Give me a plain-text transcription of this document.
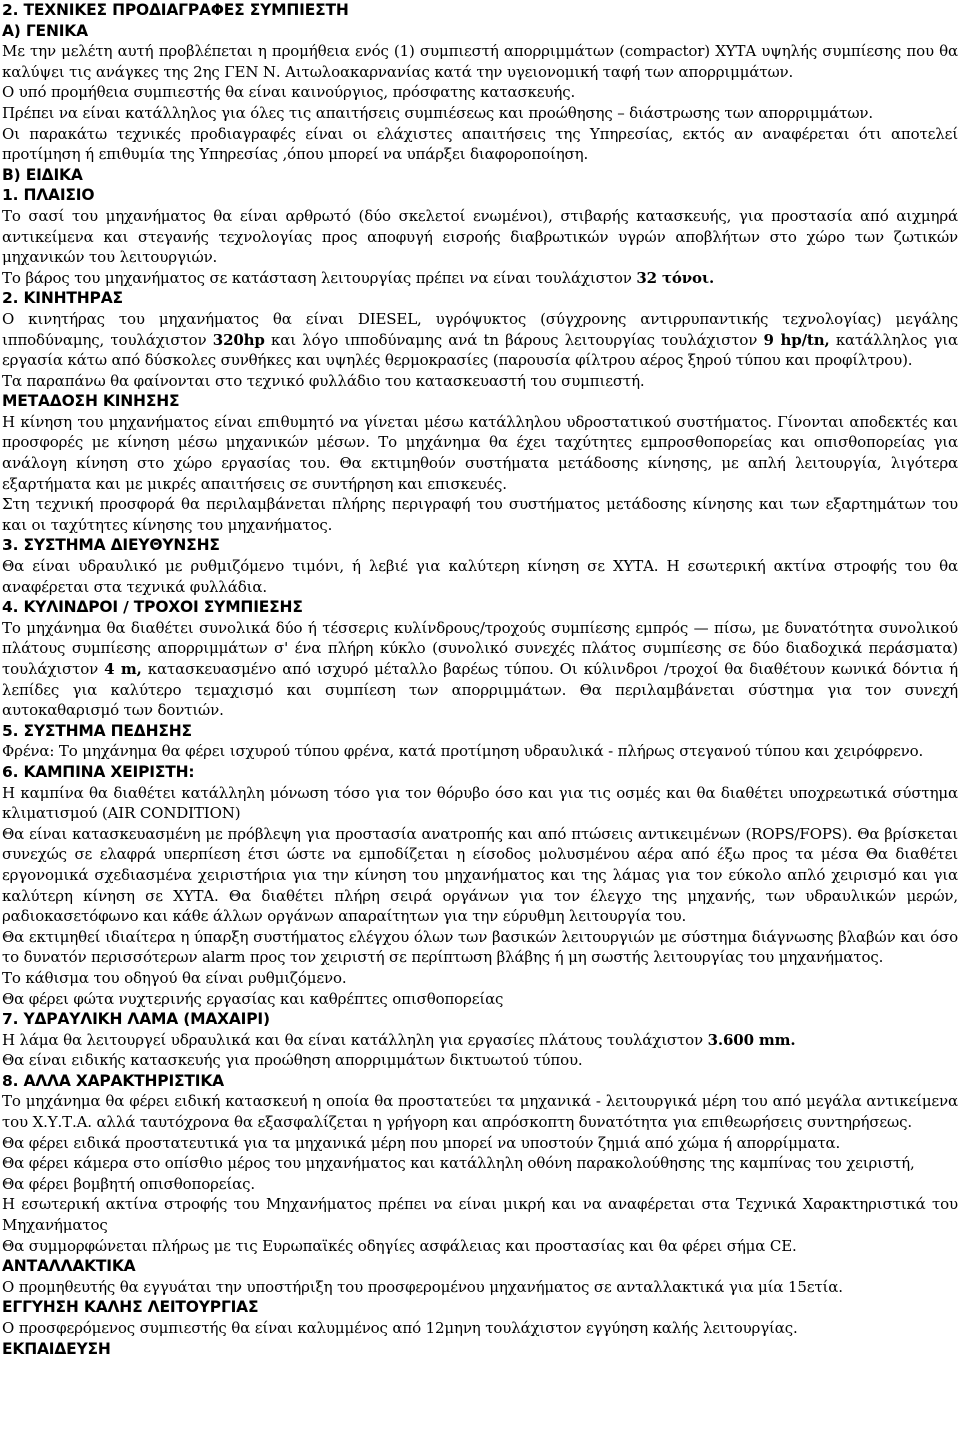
2. ΤΕΧΝΙΚΕΣ ΠΡΟΔΙΑΓΡΑΦΕΣ ΣΥΜΠΙΕΣΤΗ

Α) ΓΕΝΙΚΑ

Με την μελέτη αυτή προβλέπεται η προμήθεια ενός (1) συμπιεστή απορριμμάτων (compactor) ΧΥΤΑ υψηλής συμπίεσης που θα καλύψει τις ανάγκες της 2ης ΓΕΝ Ν. Αιτωλοακαρνανίας κατά την υγειονομική ταφή των απορριμμάτων.

Ο υπό προμήθεια συμπιεστής θα είναι καινούργιος, πρόσφατης κατασκευής.

Πρέπει να είναι κατάλληλος για όλες τις απαιτήσεις συμπιέσεως και προώθησης – διάστρωσης των απορριμμάτων.

Οι παρακάτω τεχνικές προδιαγραφές είναι οι ελάχιστες απαιτήσεις της Υπηρεσίας, εκτός αν αναφέρεται ότι αποτελεί προτίμηση ή επιθυμία της Υπηρεσίας ,όπου μπορεί να υπάρξει διαφοροποίηση.

Β) ΕΙΔΙΚΑ

1. ΠΛΑΙΣΙΟ

Το σασί του μηχανήματος θα είναι αρθρωτό (δύο σκελετοί ενωμένοι), στιβαρής κατασκευής, για προστασία από αιχμηρά αντικείμενα και στεγανής τεχνολογίας προς αποφυγή εισροής διαβρωτικών υγρών αποβλήτων στο χώρο των ζωτικών μηχανικών του λειτουργιών.

Το βάρος του μηχανήματος σε κατάσταση λειτουργίας πρέπει να είναι τουλάχιστον 32 τόνοι.

2. ΚΙΝΗΤΗΡΑΣ

Ο κινητήρας του μηχανήματος θα είναι DIESEL, υγρόψυκτος (σύγχρονης αντιρρυπαντικής τεχνολογίας) μεγάλης ιπποδύναμης, τουλάχιστον 320hp και λόγο ιπποδύναμης ανά tn βάρους λειτουργίας τουλάχιστον 9 hp/tn, κατάλληλος για εργασία κάτω από δύσκολες συνθήκες και υψηλές θερμοκρασίες (παρουσία φίλτρου αέρος ξηρού τύπου και προφίλτρου).

Τα παραπάνω θα φαίνονται στο τεχνικό φυλλάδιο του κατασκευαστή του συμπιεστή.

ΜΕΤΑΔΟΣΗ ΚΙΝΗΣΗΣ

Η κίνηση του μηχανήματος είναι επιθυμητό να γίνεται μέσω κατάλληλου υδροστατικού συστήματος. Γίνονται αποδεκτές και προσφορές με κίνηση μέσω μηχανικών μέσων. Το μηχάνημα θα έχει ταχύτητες εμπροσθοπορείας και οπισθοπορείας για ανάλογη κίνηση στο χώρο εργασίας του. Θα εκτιμηθούν συστήματα μετάδοσης κίνησης, με απλή λειτουργία, λιγότερα εξαρτήματα και με μικρές απαιτήσεις σε συντήρηση και επισκευές.

Στη τεχνική προσφορά θα περιλαμβάνεται πλήρης περιγραφή του συστήματος μετάδοσης κίνησης και των εξαρτημάτων του και οι ταχύτητες κίνησης του μηχανήματος.

3. ΣΥΣΤΗΜΑ ΔΙΕΥΘΥΝΣΗΣ

Θα είναι υδραυλικό με ρυθμιζόμενο τιμόνι, ή λεβιέ για καλύτερη κίνηση σε ΧΥΤΑ. Η εσωτερική ακτίνα στροφής του θα αναφέρεται στα τεχνικά φυλλάδια.

4. ΚΥΛΙΝΔΡΟΙ / ΤΡΟΧΟΙ ΣΥΜΠΙΕΣΗΣ

Το μηχάνημα θα διαθέτει συνολικά δύο ή τέσσερις κυλίνδρους/τροχούς συμπίεσης εμπρός — πίσω, με δυνατότητα συνολικού πλάτους συμπίεσης απορριμμάτων σ' ένα πλήρη κύκλο (συνολικό συνεχές πλάτος συμπίεσης σε δύο διαδοχικά περάσματα) τουλάχιστον 4 m, κατασκευασμένο από ισχυρό μέταλλο βαρέως τύπου. Οι κύλινδροι /τροχοί θα διαθέτουν κωνικά δόντια ή λεπίδες για καλύτερο τεμαχισμό και συμπίεση των απορριμμάτων. Θα περιλαμβάνεται σύστημα για τον συνεχή αυτοκαθαρισμό των δοντιών.

5. ΣΥΣΤΗΜΑ ΠΕΔΗΣΗΣ

Φρένα: Το μηχάνημα θα φέρει ισχυρού τύπου φρένα, κατά προτίμηση υδραυλικά - πλήρως στεγανού τύπου και χειρόφρενο.

6. ΚΑΜΠΙΝΑ ΧΕΙΡΙΣΤΗ:

Η καμπίνα θα διαθέτει κατάλληλη μόνωση τόσο για τον θόρυβο όσο και για τις οσμές και θα διαθέτει υποχρεωτικά σύστημα κλιματισμού (AIR CONDITION)

Θα είναι κατασκευασμένη με πρόβλεψη για προστασία ανατροπής και από πτώσεις αντικειμένων (ROPS/FOPS). Θα βρίσκεται συνεχώς σε ελαφρά υπερπίεση έτσι ώστε να εμποδίζεται η είσοδος μολυσμένου αέρα από έξω προς τα μέσα Θα διαθέτει εργονομικά σχεδιασμένα χειριστήρια για την κίνηση του μηχανήματος και της λάμας για τον εύκολο απλό χειρισμό και για καλύτερη κίνηση σε ΧΥΤΑ. Θα διαθέτει πλήρη σειρά οργάνων για τον έλεγχο της μηχανής, των υδραυλικών μερών, ραδιοκασετόφωνο και κάθε άλλων οργάνων απαραίτητων για την εύρυθμη λειτουργία του.

Θα εκτιμηθεί ιδιαίτερα η ύπαρξη συστήματος ελέγχου όλων των βασικών λειτουργιών με σύστημα διάγνωσης βλαβών και όσο το δυνατόν περισσότερων alarm προς τον χειριστή σε περίπτωση βλάβης ή μη σωστής λειτουργίας του μηχανήματος.

Το κάθισμα του οδηγού θα είναι ρυθμιζόμενο.

Θα φέρει φώτα νυχτερινής εργασίας και καθρέπτες οπισθοπορείας

7. ΥΔΡΑΥΛΙΚΗ ΛΑΜΑ (ΜΑΧΑΙΡΙ)

Η λάμα θα λειτουργεί υδραυλικά και θα είναι κατάλληλη για εργασίες πλάτους τουλάχιστον 3.600 mm.

Θα είναι ειδικής κατασκευής για προώθηση απορριμμάτων δικτυωτού τύπου.

8. ΑΛΛΑ ΧΑΡΑΚΤΗΡΙΣΤΙΚΑ

Το μηχάνημα θα φέρει ειδική κατασκευή η οποία θα προστατεύει τα μηχανικά - λειτουργικά μέρη του από μεγάλα αντικείμενα του Χ.Υ.Τ.Α. αλλά ταυτόχρονα θα εξασφαλίζεται η γρήγορη και απρόσκοπτη δυνατότητα για επιθεωρήσεις συντηρήσεως.

Θα φέρει ειδικά προστατευτικά για τα μηχανικά μέρη που μπορεί να υποστούν ζημιά από χώμα ή απορρίμματα.

Θα φέρει κάμερα στο οπίσθιο μέρος του μηχανήματος και κατάλληλη οθόνη παρακολούθησης της καμπίνας του χειριστή,

Θα φέρει βομβητή οπισθοπορείας.

Η εσωτερική ακτίνα στροφής του Μηχανήματος πρέπει να είναι μικρή και να αναφέρεται στα Τεχνικά Χαρακτηριστικά του Μηχανήματος

Θα συμμορφώνεται πλήρως με τις Ευρωπαϊκές οδηγίες ασφάλειας και προστασίας και θα φέρει σήμα CE.

ΑΝΤΑΛΛΑΚΤΙΚΑ

Ο προμηθευτής θα εγγυάται την υποστήριξη του προσφερομένου μηχανήματος σε ανταλλακτικά για μία 15ετία.

ΕΓΓΥΗΣΗ ΚΑΛΗΣ ΛΕΙΤΟΥΡΓΙΑΣ

Ο προσφερόμενος συμπιεστής θα είναι καλυμμένος από 12μηνη τουλάχιστον εγγύηση καλής λειτουργίας.

ΕΚΠΑΙΔΕΥΣΗ
